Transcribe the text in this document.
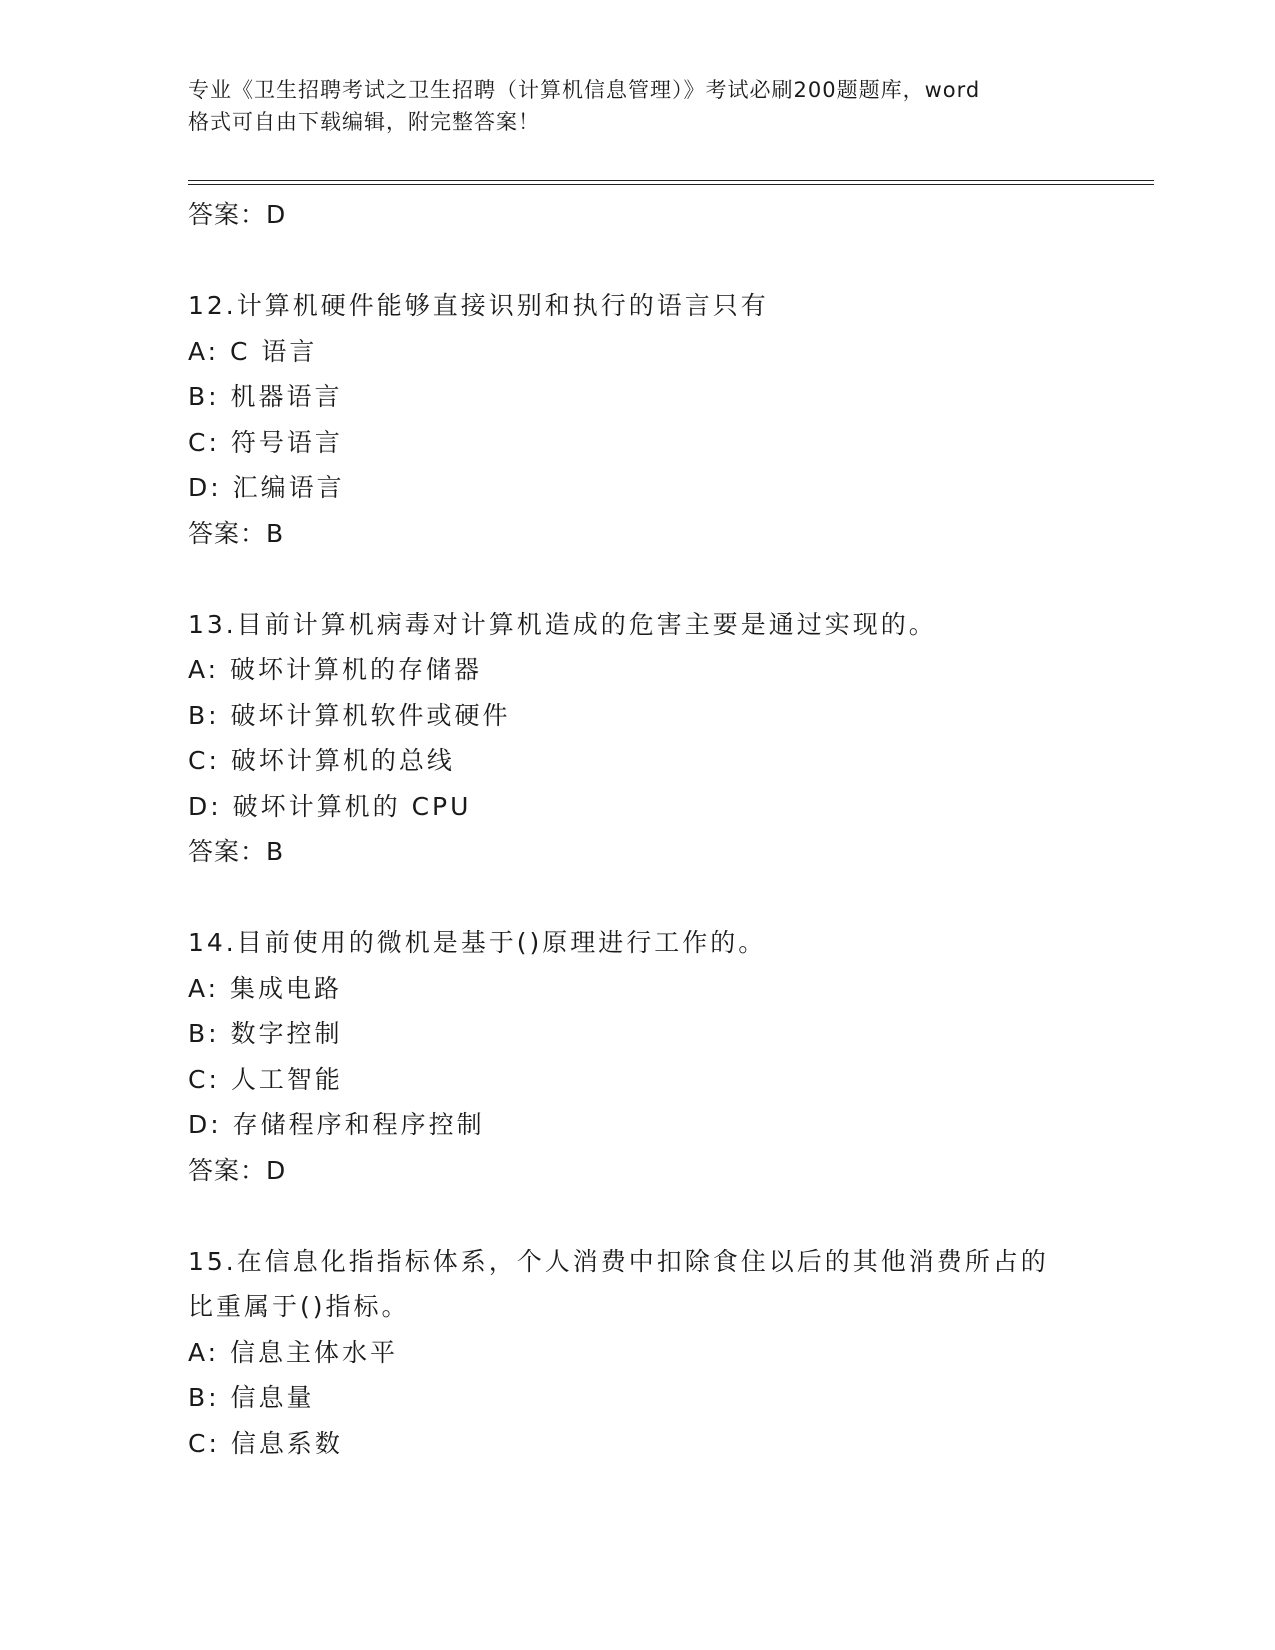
专业《卫生招聘考试之卫生招聘（计算机信息管理）》考试必刷200题题库，word
格式可自由下载编辑，附完整答案！
答案：D
12.计算机硬件能够直接识别和执行的语言只有
A: C 语言
B: 机器语言
C: 符号语言
D: 汇编语言
答案：B
13.目前计算机病毒对计算机造成的危害主要是通过实现的。
A: 破坏计算机的存储器
B: 破坏计算机软件或硬件
C: 破坏计算机的总线
D: 破坏计算机的 CPU
答案：B
14.目前使用的微机是基于()原理进行工作的。
A: 集成电路
B: 数字控制
C: 人工智能
D: 存储程序和程序控制
答案：D
15.在信息化指指标体系，个人消费中扣除食住以后的其他消费所占的
比重属于()指标。
A: 信息主体水平
B: 信息量
C: 信息系数
